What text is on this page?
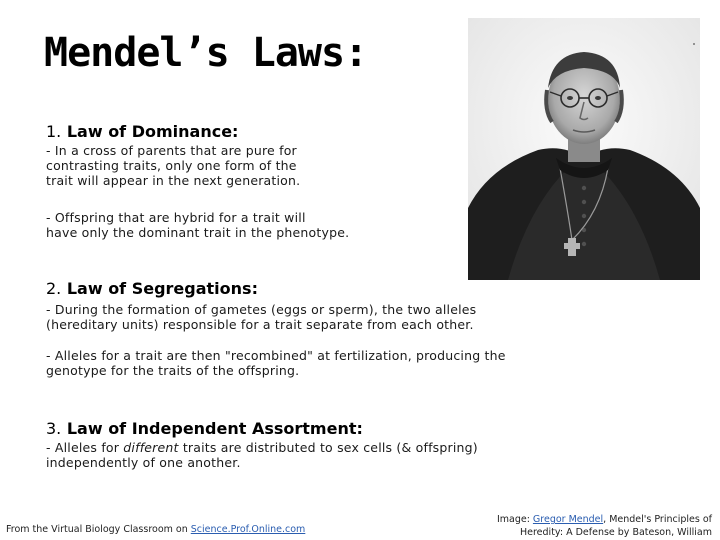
Mendel’s Laws:

1. Law of Dominance:

- In a cross of parents that are pure for
contrasting traits, only one form of the
trait will appear in the next generation.

- Offspring that are hybrid for a trait will
have only the dominant trait in the phenotype.

2. Law of Segregations:

- During the formation of gametes (eggs or sperm), the two alleles
(hereditary units) responsible for a trait separate from each other.

- Alleles for a trait are then "recombined" at fertilization, producing the
genotype for the traits of the offspring.

3. Law of Independent Assortment:

- Alleles for different traits are distributed to sex cells (& offspring)
independently of one another.

From the Virtual Biology Classroom on Science.Prof.Online.com
Image: Gregor Mendel, Mendel's Principles of
Heredity: A Defense by Bateson, William
